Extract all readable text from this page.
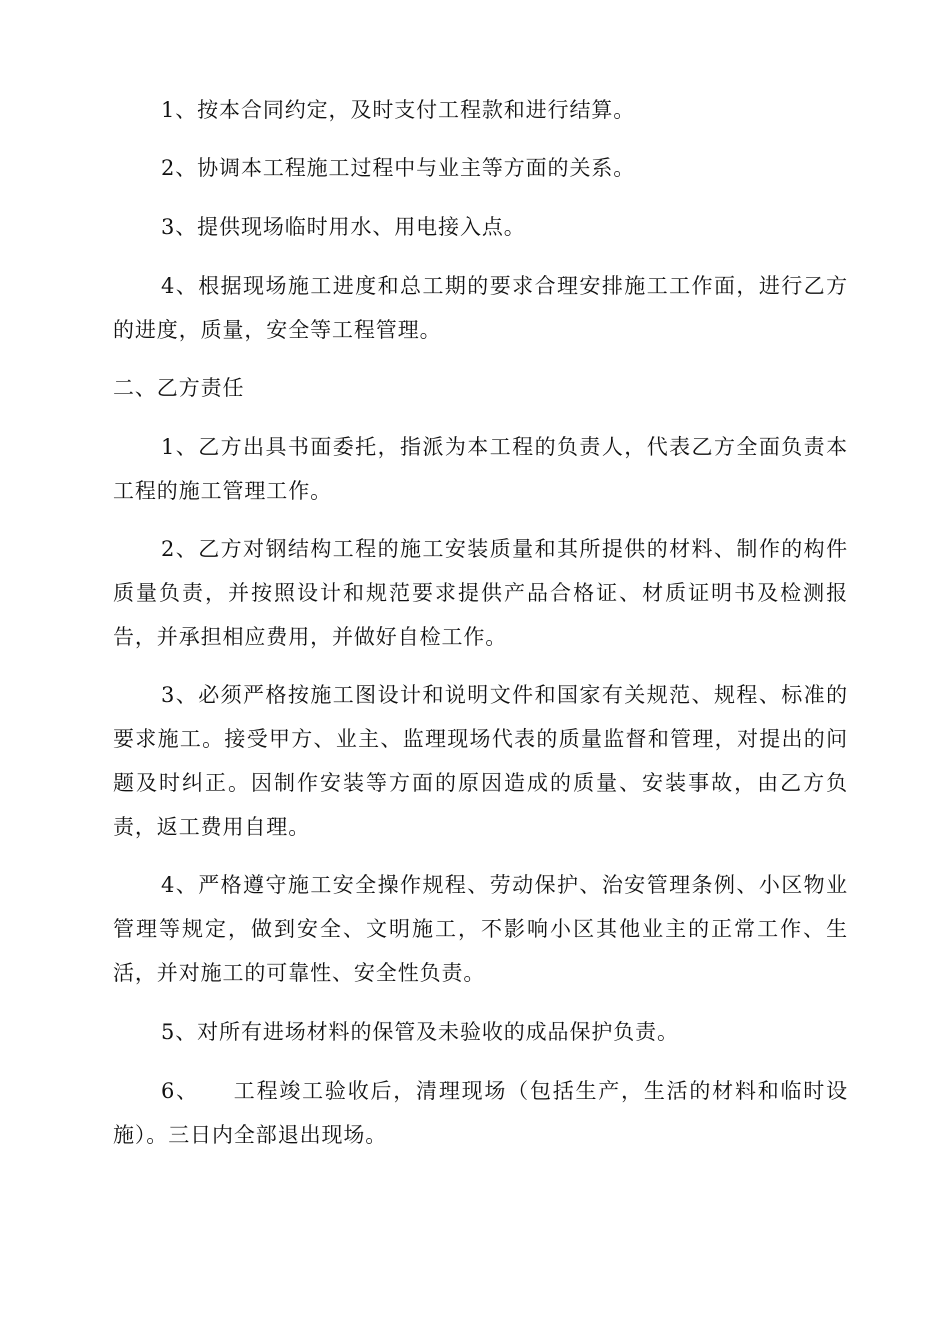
1、按本合同约定，及时支付工程款和进行结算。

2、协调本工程施工过程中与业主等方面的关系。

3、提供现场临时用水、用电接入点。

4、根据现场施工进度和总工期的要求合理安排施工工作面，进行乙方的进度，质量，安全等工程管理。

二、乙方责任

1、乙方出具书面委托，指派为本工程的负责人，代表乙方全面负责本工程的施工管理工作。

2、乙方对钢结构工程的施工安装质量和其所提供的材料、制作的构件质量负责，并按照设计和规范要求提供产品合格证、材质证明书及检测报告，并承担相应费用，并做好自检工作。

3、必须严格按施工图设计和说明文件和国家有关规范、规程、标准的要求施工。接受甲方、业主、监理现场代表的质量监督和管理，对提出的问题及时纠正。因制作安装等方面的原因造成的质量、安装事故，由乙方负责，返工费用自理。

4、严格遵守施工安全操作规程、劳动保护、治安管理条例、小区物业管理等规定，做到安全、文明施工，不影响小区其他业主的正常工作、生活，并对施工的可靠性、安全性负责。

5、对所有进场材料的保管及未验收的成品保护负责。

6、 工程竣工验收后，清理现场（包括生产，生活的材料和临时设施）。三日内全部退出现场。
